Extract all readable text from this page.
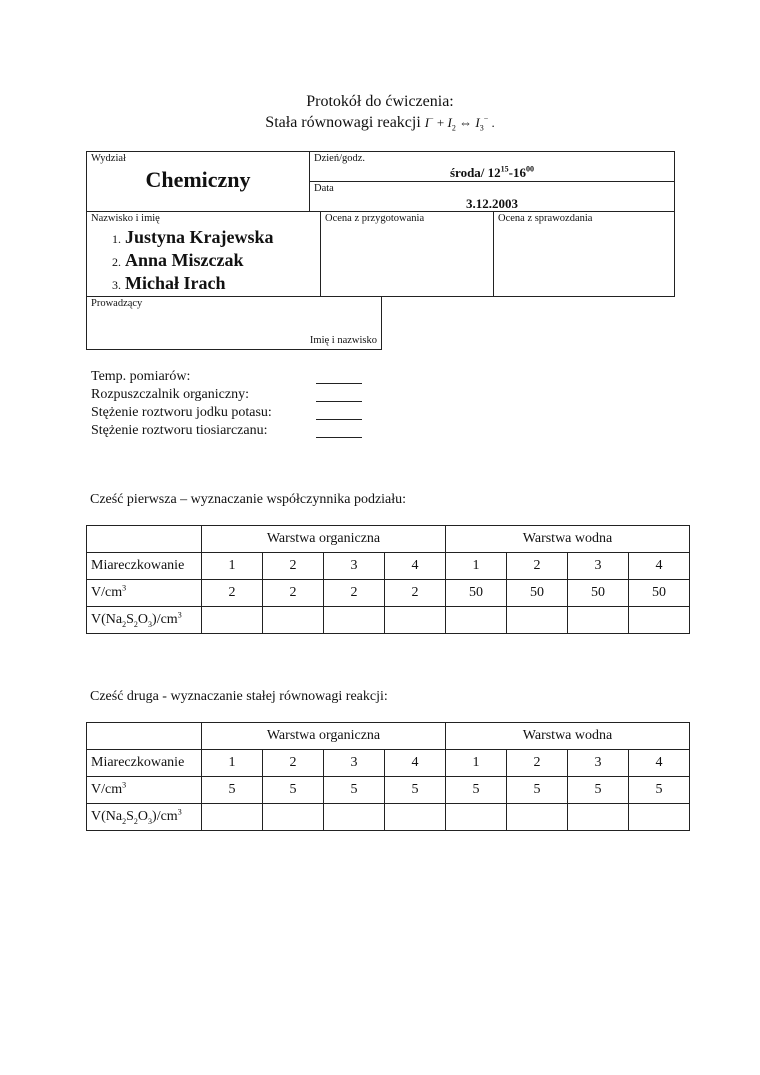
Protokół do ćwiczenia:
Stała równowagi reakcji $I^- + I_2$ ⇔ $I_3^-$ .
Wydział
Chemiczny
Dzień/godz.
środa/ $12^{15}-16^{00}$
Data
3.12.2003
Nazwisko i imię
1. Justyna Krajewska
2. Anna Miszczak
3. Michał Irach
Ocena z przygotowania	Ocena z sprawozdania
Prowadzący
Imię i nazwisko
Temp. pomiarów:
Rozpuszczalnik organiczny:
Stężenie roztworu jodku potasu:
Stężenie roztworu tiosiarczanu:
Cześć pierwsza – wyznaczanie współczynnika podziału:
	Warstwa organiczna				Warstwa wodna			
Miareczkowanie	1	2	3	4	1	2	3	4
$V/cm^3$	2	2	2	2	50	50	50	50
$V(Na_2S_2O_3)/cm^3$								
Cześć druga - wyznaczanie stałej równowagi reakcji:
	Warstwa organiczna				Warstwa wodna			
Miareczkowanie	1	2	3	4	1	2	3	4
$V/cm^3$	5	5	5	5	5	5	5	5
$V(Na_2S_2O_3)/cm^3$								
